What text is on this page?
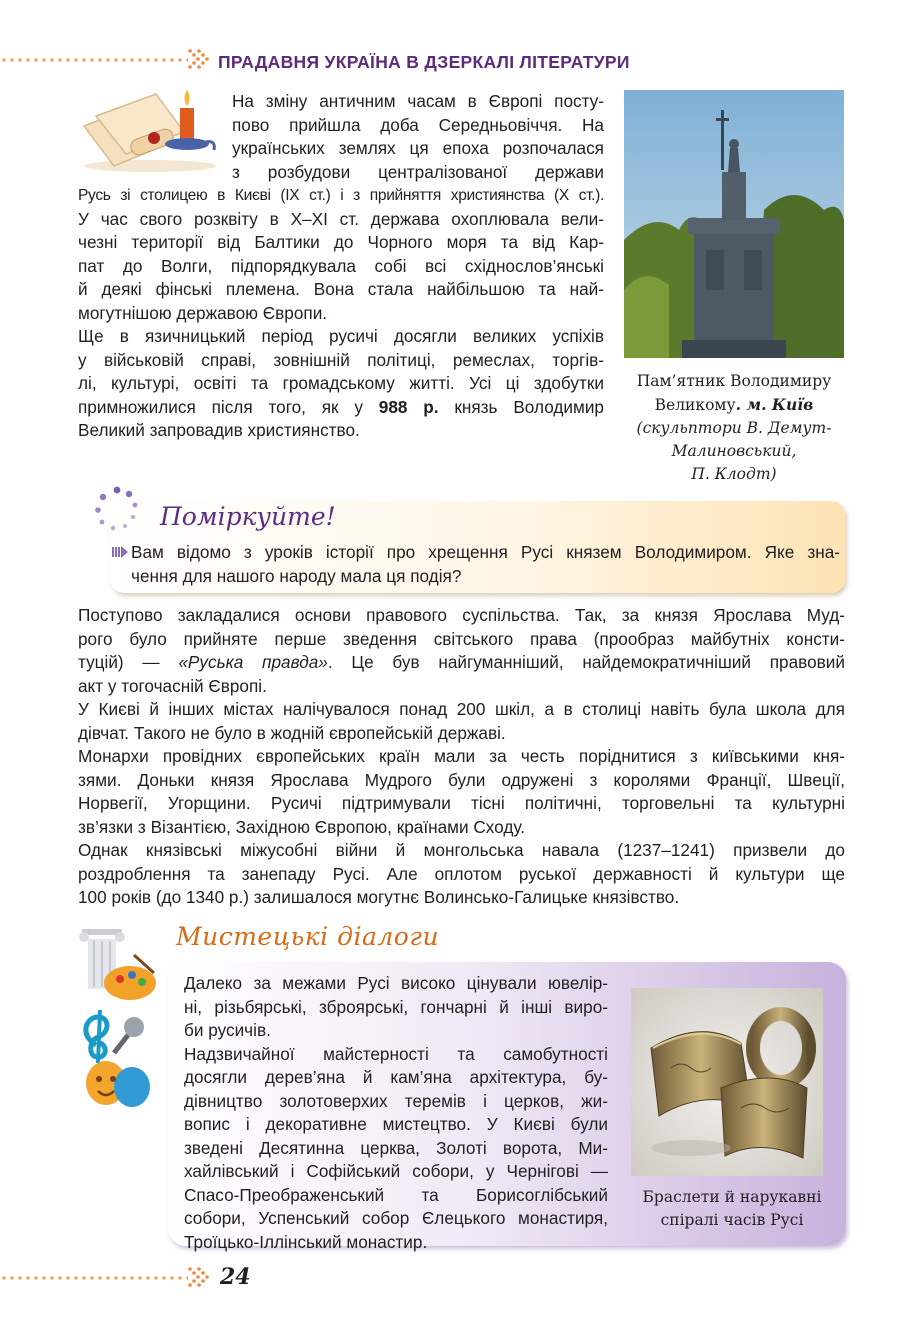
ПРАДАВНЯ УКРАЇНА В ДЗЕРКАЛІ ЛІТЕРАТУРИ
На зміну античним часам в Європі посту-
пово прийшла доба Середньовіччя. На
українських землях ця епоха розпочалася
з розбудови централізованої держави
Русь зі столицею в Києві (ІХ ст.) і з прийняття християнства (Х ст.).
У час свого розквіту в Х–ХІ ст. держава охоплювала вели-
чезні території від Балтики до Чорного моря та від Кар-
пат до Волги, підпорядкувала собі всі східнослов’янські
й деякі фінські племена. Вона стала найбільшою та най-
могутнішою державою Європи.
Ще в язичницький період русичі досягли великих успіхів
у військовій справі, зовнішній політиці, ремеслах, торгів-
лі, культурі, освіті та громадському житті. Усі ці здобутки
примножилися після того, як у 988 р. князь Володимир
Великий запровадив християнство.
Пам’ятник Володимиру
Великому. м. Київ
(скульптори В. Демут-
Малиновський,
П. Клодт)
Поміркуйте!
Вам відомо з уроків історії про хрещення Русі князем Володимиром. Яке зна-
чення для нашого народу мала ця подія?
Поступово закладалися основи правового суспільства. Так, за князя Ярослава Муд-
рого було прийняте перше зведення світського права (прообраз майбутніх консти-
туцій) — «Руська правда». Це був найгуманніший, найдемократичніший правовий
акт у тогочасній Європі.
У Києві й інших містах налічувалося понад 200 шкіл, а в столиці навіть була школа для
дівчат. Такого не було в жодній європейській державі.
Монархи провідних європейських країн мали за честь поріднитися з київськими кня-
зями. Доньки князя Ярослава Мудрого були одружені з королями Франції, Швеції,
Норвегії, Угорщини. Русичі підтримували тісні політичні, торговельні та культурні
зв’язки з Візантією, Західною Європою, країнами Сходу.
Однак князівські міжусобні війни й монгольська навала (1237–1241) призвели до
роздроблення та занепаду Русі. Але оплотом руської державності й культури ще
100 років (до 1340 р.) залишалося могутнє Волинсько-Галицьке князівство.
Мистецькі діалоги
Далеко за межами Русі високо цінували ювелір-
ні, різьбярські, зброярські, гончарні й інші виро-
би русичів.
Надзвичайної майстерності та самобутності
досягли дерев’яна й кам’яна архітектура, бу-
дівництво золотоверхих теремів і церков, жи-
вопис і декоративне мистецтво. У Києві були
зведені Десятинна церква, Золоті ворота, Ми-
хайлівський і Софійський собори, у Чернігові —
Спасо-Преображенський та Борисоглібський
собори, Успенський собор Єлецького монастиря,
Троїцько-Іллінський монастир.
Браслети й нарукавні
спіралі часів Русі
24
